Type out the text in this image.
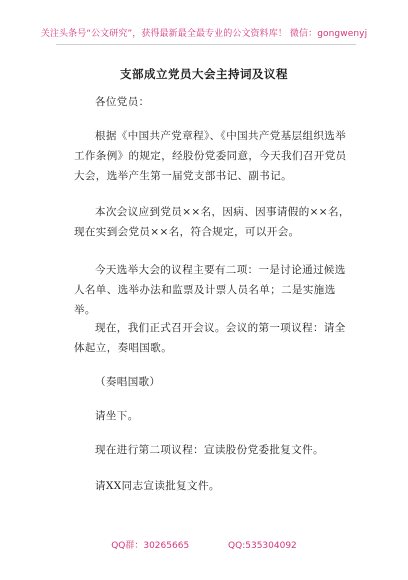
关注头条号“公文研究”，获得最新最全最专业的公文资料库！ 微信：gongwenyj
支部成立党员大会主持词及议程
各位党员：
根据《中国共产党章程》、《中国共产党基层组织选举工作条例》的规定，经股份党委同意，今天我们召开党员大会，选举产生第一届党支部书记、副书记。
本次会议应到党员××名，因病、因事请假的××名，现在实到会党员××名，符合规定，可以开会。
今天选举大会的议程主要有二项：一是讨论通过候选人名单、选举办法和监票及计票人员名单；二是实施选举。
现在，我们正式召开会议。会议的第一项议程：请全体起立，奏唱国歌。
（奏唱国歌）
请坐下。
现在进行第二项议程：宣读股份党委批复文件。
请XX同志宣读批复文件。
QQ群：30265665	QQ:535304092
